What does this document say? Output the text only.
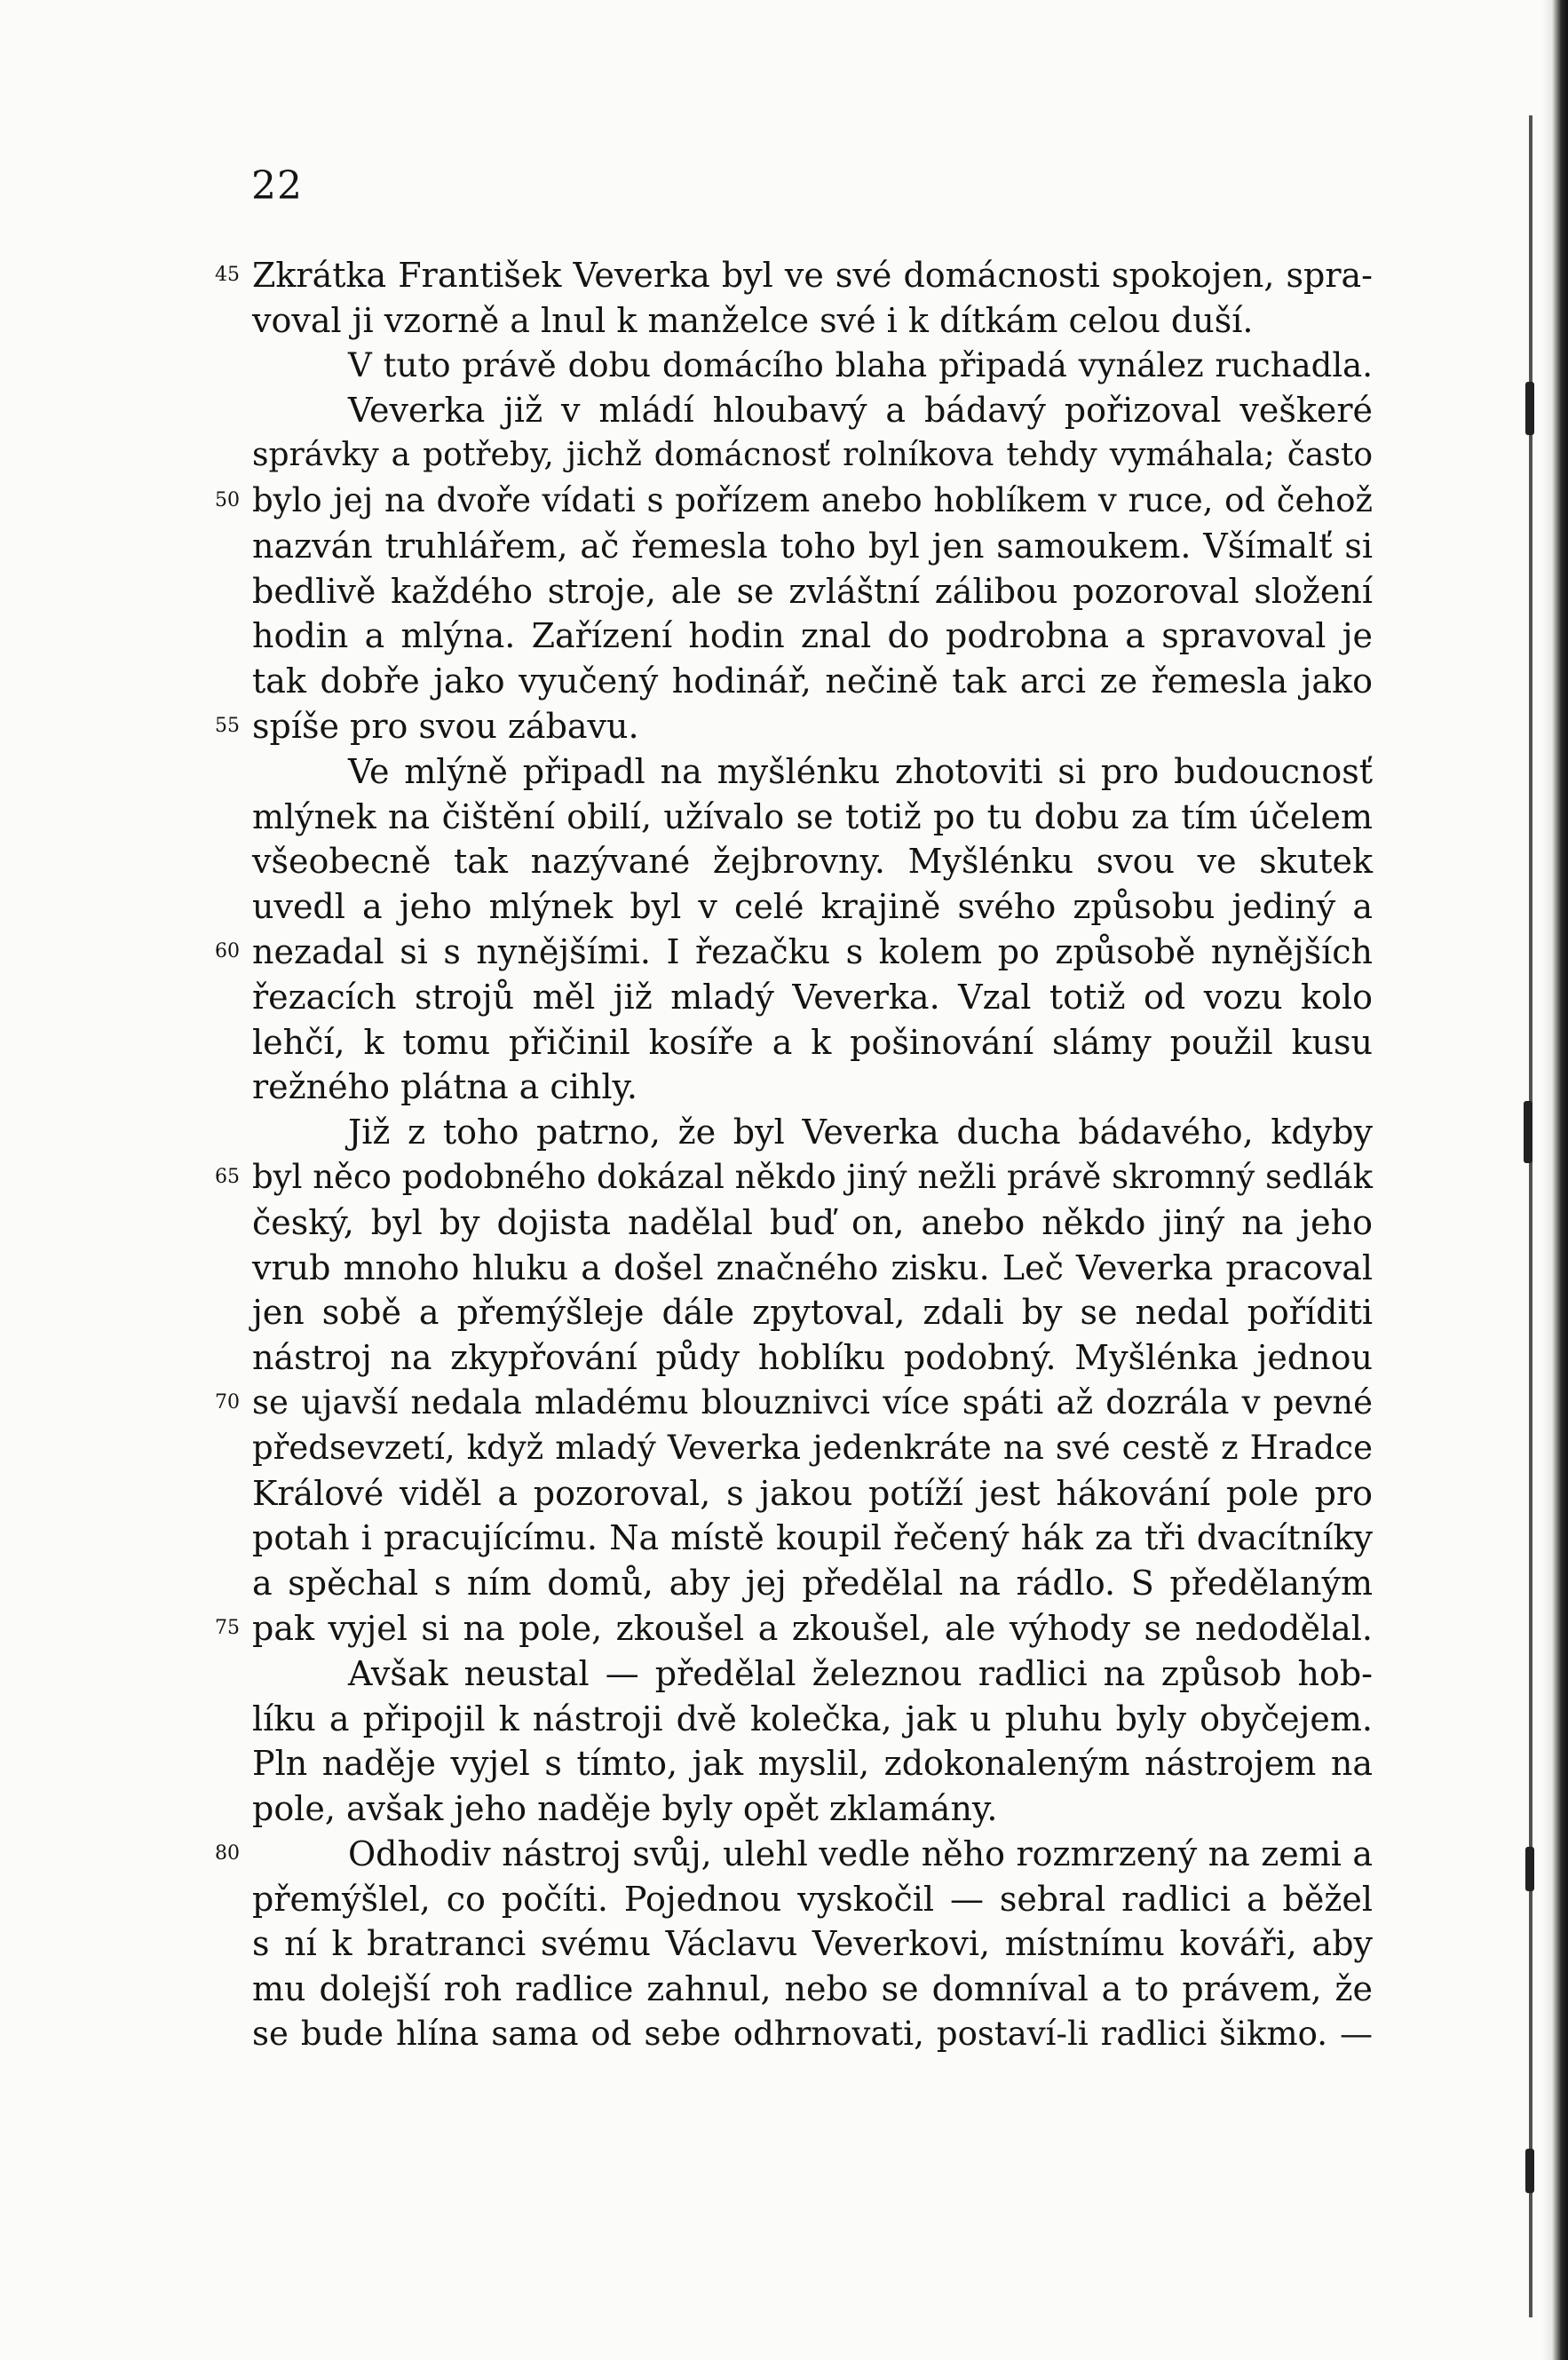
22
45 Zkrátka František Veverka byl ve své domácnosti spokojen, spra-
voval ji vzorně a lnul k manželce své i k dítkám celou duší.
V tuto právě dobu domácího blaha připadá vynález ruchadla.
Veverka již v mládí hloubavý a bádavý pořizoval veškeré
správky a potřeby, jichž domácnosť rolníkova tehdy vymáhala; často
50 bylo jej na dvoře vídati s pořízem anebo hoblíkem v ruce, od čehož
nazván truhlářem, ač řemesla toho byl jen samoukem. Všímalť si
bedlivě každého stroje, ale se zvláštní zálibou pozoroval složení
hodin a mlýna. Zařízení hodin znal do podrobna a spravoval je
tak dobře jako vyučený hodinář, nečině tak arci ze řemesla jako
55 spíše pro svou zábavu.
Ve mlýně připadl na myšlénku zhotoviti si pro budoucnosť
mlýnek na čištění obilí, užívalo se totiž po tu dobu za tím účelem
všeobecně tak nazývané žejbrovny. Myšlénku svou ve skutek
uvedl a jeho mlýnek byl v celé krajině svého způsobu jediný a
60 nezadal si s nynějšími. I řezačku s kolem po způsobě nynějších
řezacích strojů měl již mladý Veverka. Vzal totiž od vozu kolo
lehčí, k tomu přičinil kosíře a k pošinování slámy použil kusu
režného plátna a cihly.
Již z toho patrno, že byl Veverka ducha bádavého, kdyby
65 byl něco podobného dokázal někdo jiný nežli právě skromný sedlák
český, byl by dojista nadělal buď on, anebo někdo jiný na jeho
vrub mnoho hluku a došel značného zisku. Leč Veverka pracoval
jen sobě a přemýšleje dále zpytoval, zdali by se nedal poříditi
nástroj na zkypřování půdy hoblíku podobný. Myšlénka jednou
70 se ujavší nedala mladému blouznivci více spáti až dozrála v pevné
předsevzetí, když mladý Veverka jedenkráte na své cestě z Hradce
Králové viděl a pozoroval, s jakou potíží jest hákování pole pro
potah i pracujícímu. Na místě koupil řečený hák za tři dvacítníky
a spěchal s ním domů, aby jej předělal na rádlo. S předělaným
75 pak vyjel si na pole, zkoušel a zkoušel, ale výhody se nedodělal.
Avšak neustal — předělal železnou radlici na způsob hob-
líku a připojil k nástroji dvě kolečka, jak u pluhu byly obyčejem.
Pln naděje vyjel s tímto, jak myslil, zdokonaleným nástrojem na
pole, avšak jeho naděje byly opět zklamány.
80	Odhodiv nástroj svůj, ulehl vedle něho rozmrzený na zemi a
přemýšlel, co počíti. Pojednou vyskočil — sebral radlici a běžel
s ní k bratranci svému Václavu Veverkovi, místnímu kováři, aby
mu dolejší roh radlice zahnul, nebo se domníval a to právem, že
se bude hlína sama od sebe odhrnovati, postaví-li radlici šikmo. —
